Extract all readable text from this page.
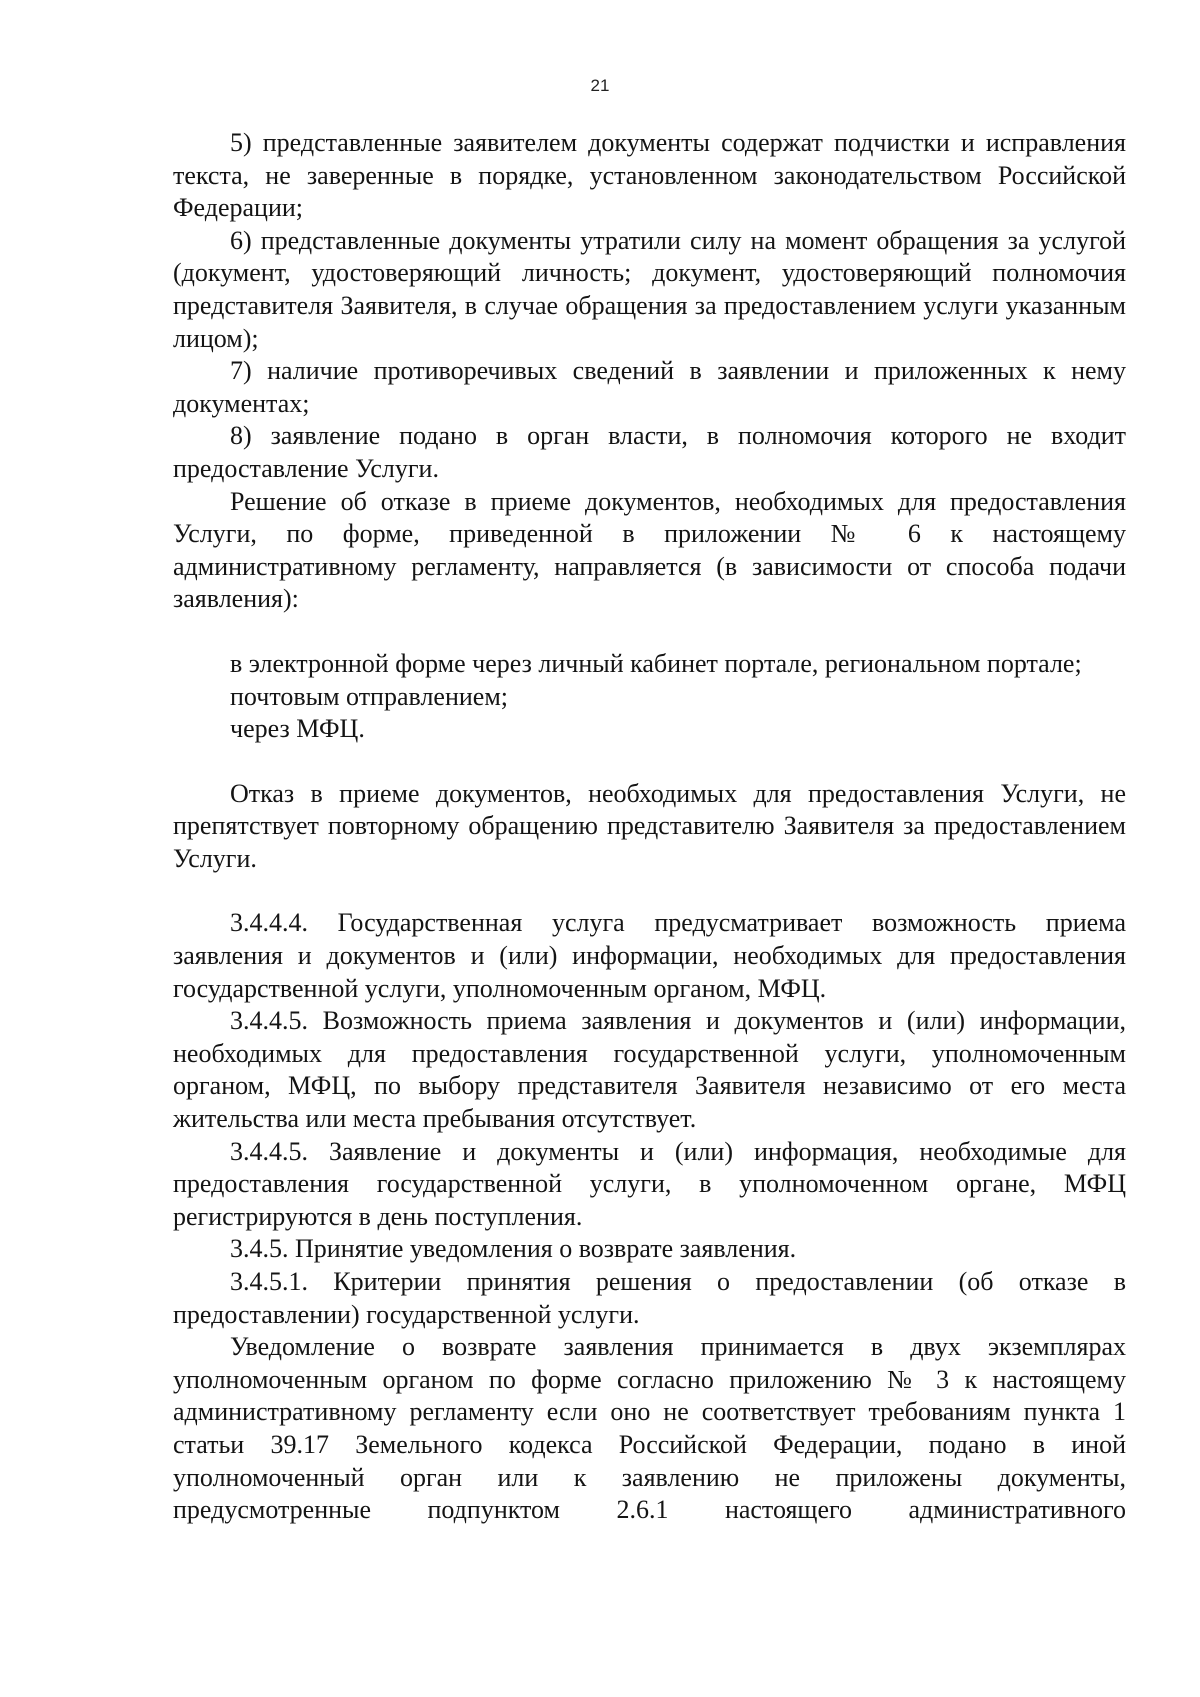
21

5) представленные заявителем документы содержат подчистки и исправления текста, не заверенные в порядке, установленном законодательством Российской Федерации;

6) представленные документы утратили силу на момент обращения за услугой (документ, удостоверяющий личность; документ, удостоверяющий полномочия представителя Заявителя, в случае обращения за предоставлением услуги указанным лицом);

7) наличие противоречивых сведений в заявлении и приложенных к нему документах;

8) заявление подано в орган власти, в полномочия которого не входит предоставление Услуги.

Решение об отказе в приеме документов, необходимых для предоставления Услуги, по форме, приведенной в приложении № 6 к настоящему административному регламенту, направляется (в зависимости от способа подачи заявления):

в электронной форме через личный кабинет портале, региональном портале;

почтовым отправлением;

через МФЦ.

Отказ в приеме документов, необходимых для предоставления Услуги, не препятствует повторному обращению представителю Заявителя за предоставлением Услуги.

3.4.4.4. Государственная услуга предусматривает возможность приема заявления и документов и (или) информации, необходимых для предоставления государственной услуги, уполномоченным органом, МФЦ.

3.4.4.5. Возможность приема заявления и документов и (или) информации, необходимых для предоставления государственной услуги, уполномоченным органом, МФЦ, по выбору представителя Заявителя независимо от его места жительства или места пребывания отсутствует.

3.4.4.5. Заявление и документы и (или) информация, необходимые для предоставления государственной услуги, в уполномоченном органе, МФЦ регистрируются в день поступления.

3.4.5. Принятие уведомления о возврате заявления.

3.4.5.1. Критерии принятия решения о предоставлении (об отказе в предоставлении) государственной услуги.

Уведомление о возврате заявления принимается в двух экземплярах уполномоченным органом по форме согласно приложению № 3 к настоящему административному регламенту если оно не соответствует требованиям пункта 1 статьи 39.17 Земельного кодекса Российской Федерации, подано в иной уполномоченный орган или к заявлению не приложены документы, предусмотренные подпунктом 2.6.1 настоящего административного
